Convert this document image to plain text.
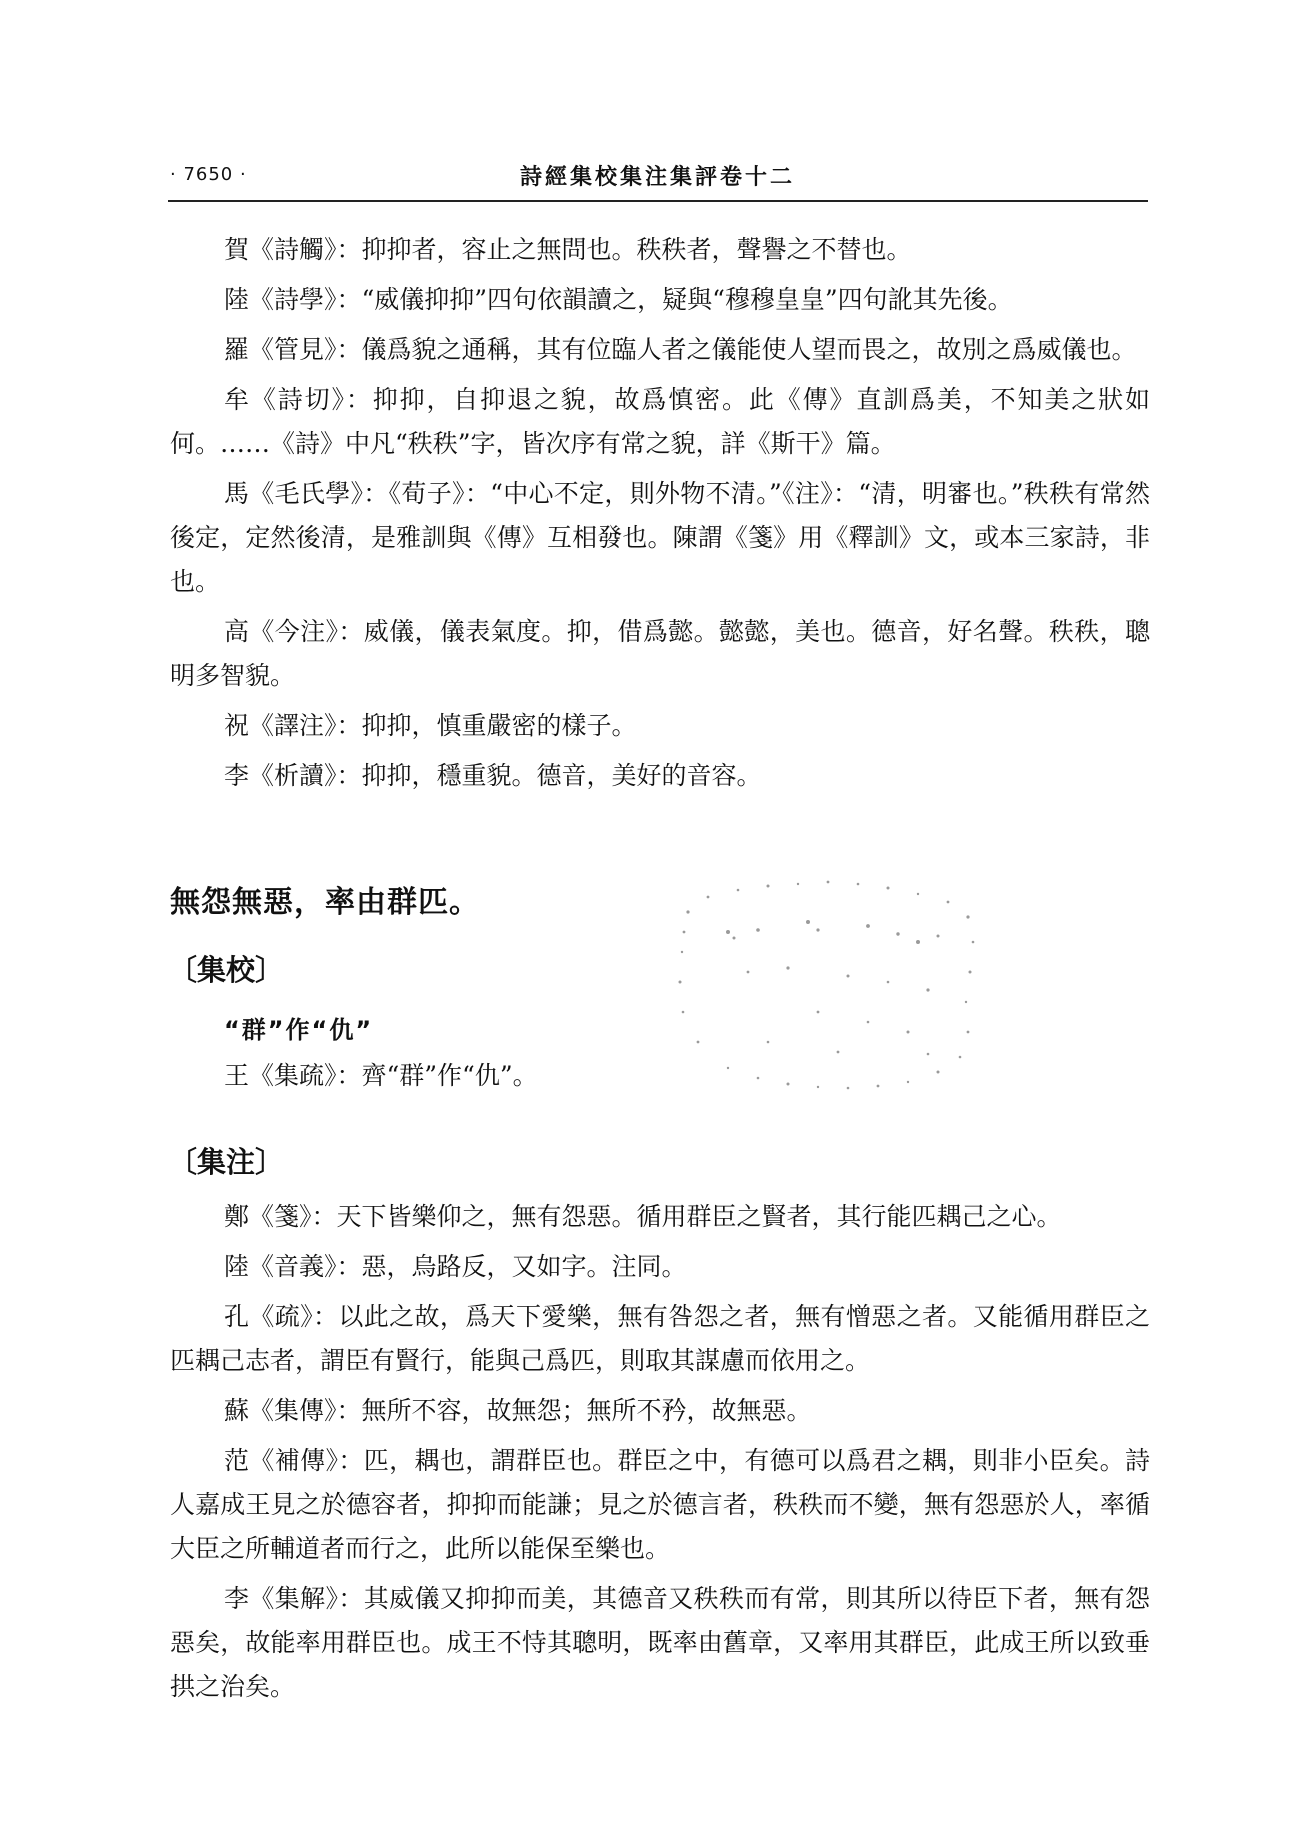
· 7650 ·	詩經集校集注集評卷十二

賀《詩觸》：抑抑者，容止之無問也。秩秩者，聲譽之不替也。

陸《詩學》：“威儀抑抑”四句依韻讀之，疑與“穆穆皇皇”四句訛其先後。

羅《管見》：儀爲貌之通稱，其有位臨人者之儀能使人望而畏之，故別之爲威儀也。

牟《詩切》：抑抑，自抑退之貌，故爲慎密。此《傳》直訓爲美，不知美之狀如何。……《詩》中凡“秩秩”字，皆次序有常之貌，詳《斯干》篇。

馬《毛氏學》：《荀子》：“中心不定，則外物不清。”《注》：“清，明審也。”秩秩有常然後定，定然後清，是雅訓與《傳》互相發也。陳謂《箋》用《釋訓》文，或本三家詩，非也。

高《今注》：威儀，儀表氣度。抑，借爲懿。懿懿，美也。德音，好名聲。秩秩，聰明多智貌。

祝《譯注》：抑抑，慎重嚴密的樣子。

李《析讀》：抑抑，穩重貌。德音，美好的音容。

無怨無惡，率由群匹。
〔集校〕
“群”作“仇”
王《集疏》：齊“群”作“仇”。
〔集注〕

鄭《箋》：天下皆樂仰之，無有怨惡。循用群臣之賢者，其行能匹耦己之心。

陸《音義》：惡，烏路反，又如字。注同。

孔《疏》：以此之故，爲天下愛樂，無有咎怨之者，無有憎惡之者。又能循用群臣之匹耦己志者，謂臣有賢行，能與己爲匹，則取其謀慮而依用之。

蘇《集傳》：無所不容，故無怨；無所不矜，故無惡。

范《補傳》：匹，耦也，謂群臣也。群臣之中，有德可以爲君之耦，則非小臣矣。詩人嘉成王見之於德容者，抑抑而能謙；見之於德言者，秩秩而不變，無有怨惡於人，率循大臣之所輔道者而行之，此所以能保至樂也。

李《集解》：其威儀又抑抑而美，其德音又秩秩而有常，則其所以待臣下者，無有怨惡矣，故能率用群臣也。成王不恃其聰明，既率由舊章，又率用其群臣，此成王所以致垂拱之治矣。
